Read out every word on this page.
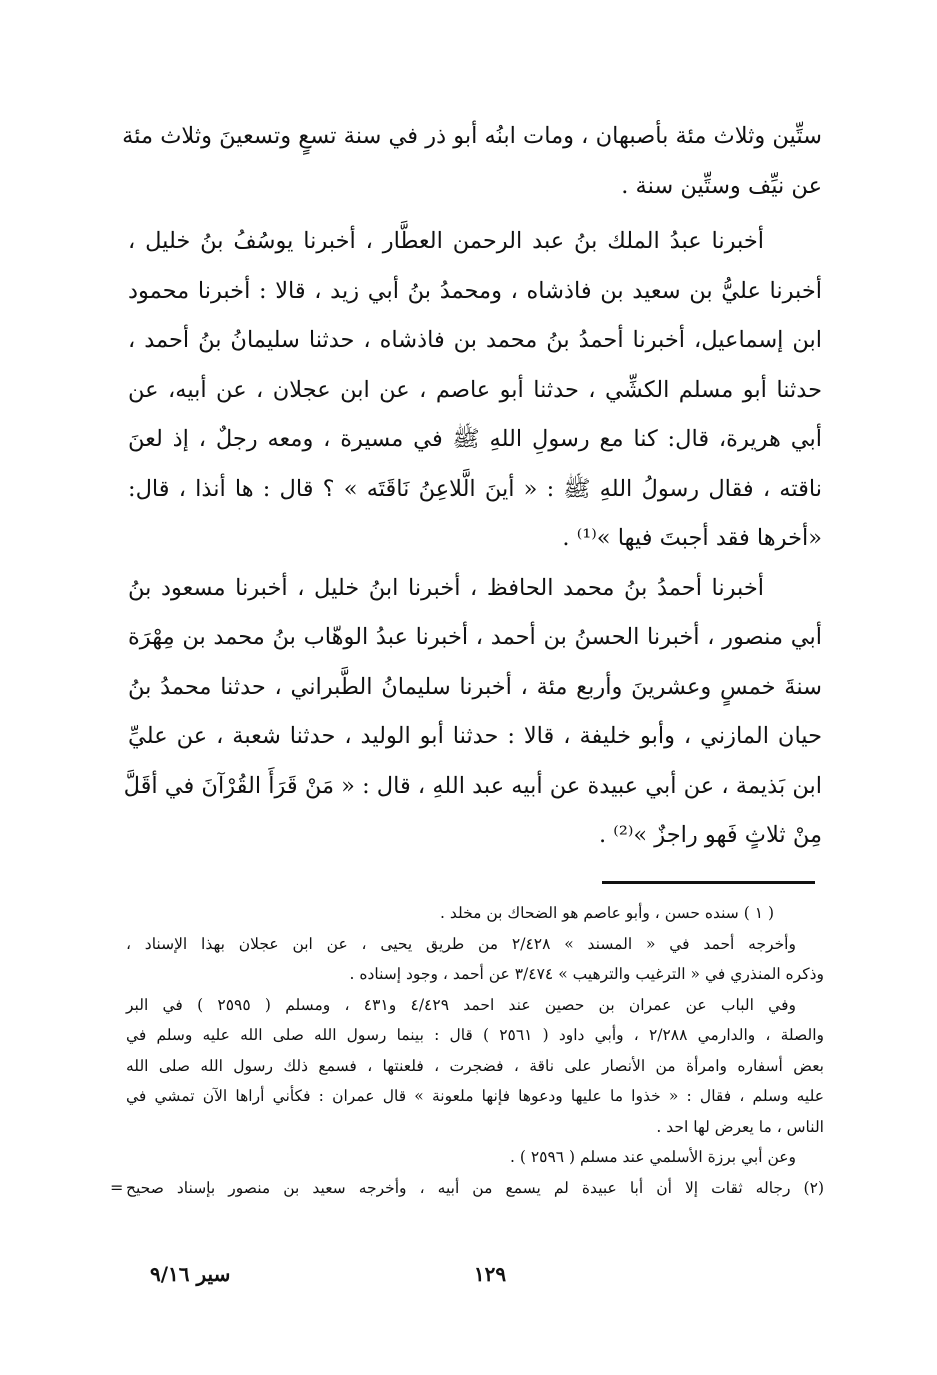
ستِّين وثلاث مئة بأصبهان ، ومات ابنُه أبو ذر في سنة تسعٍ وتسعينَ وثلاث مئة
عن نيِّف وستِّين سنة .
أخبرنا عبدُ الملك بنُ عبد الرحمن العطَّار ، أخبرنا يوسُفُ بنُ خليل ،
أخبرنا عليُّ بن سعيد بن فاذشاه ، ومحمدُ بنُ أبي زيد ، قالا : أخبرنا محمود
ابن إسماعيل، أخبرنا أحمدُ بنُ محمد بن فاذشاه ، حدثنا سليمانُ بنُ أحمد ،
حدثنا أبو مسلم الكشِّي ، حدثنا أبو عاصم ، عن ابن عجلان ، عن أبيه، عن
أبي هريرة، قال: كنا مع رسولِ اللهِ ﷺ في مسيرة ، ومعه رجلٌ ، إذ لعنَ
ناقته ، فقال رسولُ اللهِ ﷺ : « أينَ الَّلاعِنُ نَاقَتَه » ؟ قال : ها أنذا ، قال:
«أخرها فقد أجبتَ فيها »⁽¹⁾ .
أخبرنا أحمدُ بنُ محمد الحافظ ، أخبرنا ابنُ خليل ، أخبرنا مسعود بنُ
أبي منصور ، أخبرنا الحسنُ بن أحمد ، أخبرنا عبدُ الوهّاب بنُ محمد بن مِهْرَة
سنةَ خمسٍ وعشرينَ وأربع مئة ، أخبرنا سليمانُ الطَّبراني ، حدثنا محمدُ بنُ
حيان المازني ، وأبو خليفة ، قالا : حدثنا أبو الوليد ، حدثنا شعبة ، عن عليِّ
ابن بَذيمة ، عن أبي عبيدة عن أبيه عبد اللهِ ، قال : « مَنْ قَرَأَ القُرْآنَ في أقَلَّ
مِنْ ثلاثٍ فَهو راجزٌ »⁽²⁾ .
( ١ ) سنده حسن ، وأبو عاصم هو الضحاك بن مخلد .
وأخرجه أحمد في « المسند » ٢/٤٢٨ من طريق يحيى ، عن ابن عجلان بهذا الإسناد ،
وذكره المنذري في « الترغيب والترهيب » ٣/٤٧٤ عن أحمد ، وجود إسناده .
وفي الباب عن عمران بن حصين عند احمد ٤/٤٢٩ و٤٣١ ، ومسلم ( ٢٥٩٥ ) في البر
والصلة ، والدارمي ٢/٢٨٨ ، وأبي داود ( ٢٥٦١ ) قال : بينما رسول الله صلى الله عليه وسلم في
بعض أسفاره وامرأة من الأنصار على ناقة ، فضجرت ، فلعنتها ، فسمع ذلك رسول الله صلى الله
عليه وسلم ، فقال : « خذوا ما عليها ودعوها فإنها ملعونة » قال عمران : فكأني أراها الآن تمشي في
الناس ، ما يعرض لها احد .
وعن أبي برزة الأسلمي عند مسلم ( ٢٥٩٦ ) .
(٢) رجاله ثقات إلا أن أبا عبيدة لم يسمع من أبيه ، وأخرجه سعيد بن منصور بإسناد صحيح
=
١٢٩
سير ٩/١٦
